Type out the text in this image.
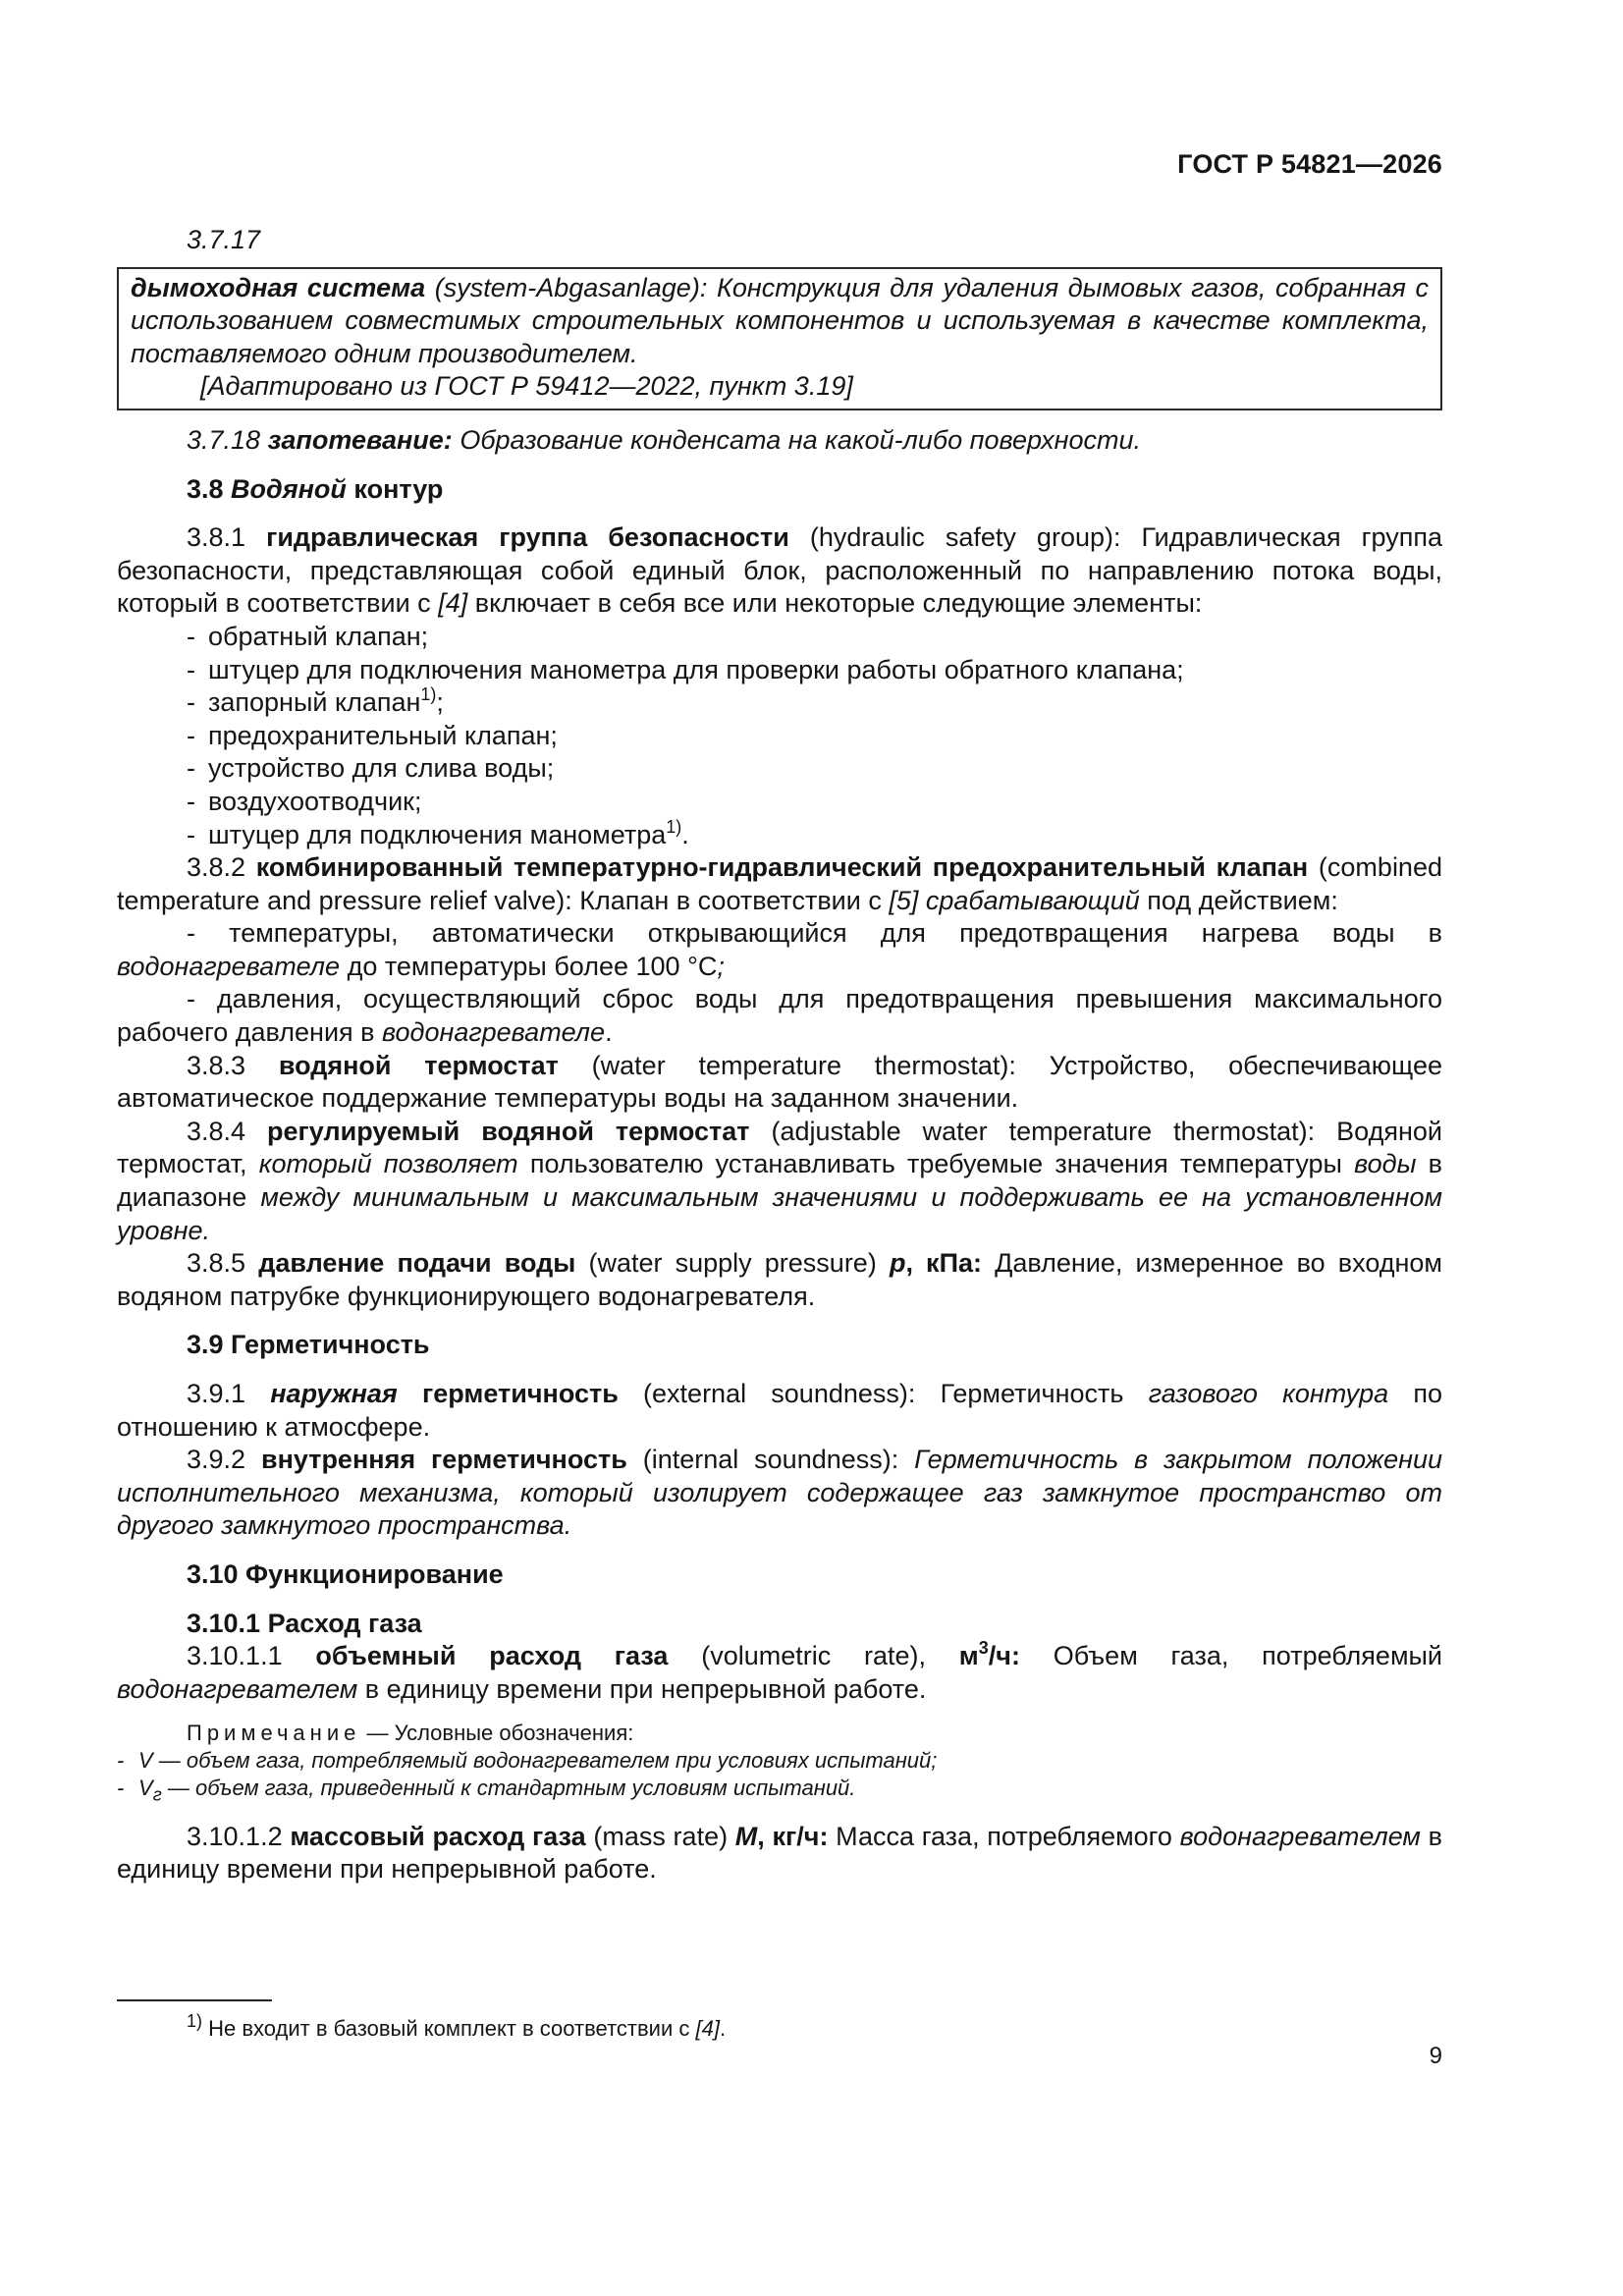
ГОСТ Р 54821—2026

3.7.17

дымоходная система (system-Abgasanlage): Конструкция для удаления дымовых газов, собранная с использованием совместимых строительных компонентов и используемая в качестве комплекта, поставляемого одним производителем.

[Адаптировано из ГОСТ Р 59412—2022, пункт 3.19]

3.7.18 запотевание: Образование конденсата на какой-либо поверхности.

3.8 Водяной контур

3.8.1 гидравлическая группа безопасности (hydraulic safety group): Гидравлическая группа безопасности, представляющая собой единый блок, расположенный по направлению потока воды, который в соответствии с [4] включает в себя все или некоторые следующие элементы:

- обратный клапан;
- штуцер для подключения манометра для проверки работы обратного клапана;
- запорный клапан$^{1)}$;
- предохранительный клапан;
- устройство для слива воды;
- воздухоотводчик;
- штуцер для подключения манометра$^{1)}$.

3.8.2 комбинированный температурно-гидравлический предохранительный клапан (combined temperature and pressure relief valve): Клапан в соответствии с [5] срабатывающий под действием:

- температуры, автоматически открывающийся для предотвращения нагрева воды в водонагревателе до температуры более 100 °C;

- давления, осуществляющий сброс воды для предотвращения превышения максимального рабочего давления в водонагревателе.

3.8.3 водяной термостат (water temperature thermostat): Устройство, обеспечивающее автоматическое поддержание температуры воды на заданном значении.

3.8.4 регулируемый водяной термостат (adjustable water temperature thermostat): Водяной термостат, который позволяет пользователю устанавливать требуемые значения температуры воды в диапазоне между минимальным и максимальным значениями и поддерживать ее на установленном уровне.

3.8.5 давление подачи воды (water supply pressure) p, кПа: Давление, измеренное во входном водяном патрубке функционирующего водонагревателя.

3.9 Герметичность

3.9.1 наружная герметичность (external soundness): Герметичность газового контура по отношению к атмосфере.

3.9.2 внутренняя герметичность (internal soundness): Герметичность в закрытом положении исполнительного механизма, который изолирует содержащее газ замкнутое пространство от другого замкнутого пространства.

3.10 Функционирование

3.10.1 Расход газа

3.10.1.1 объемный расход газа (volumetric rate), $м^3/ч$: Объем газа, потребляемый водонагревателем в единицу времени при непрерывной работе.

Примечание — Условные обозначения:

- V — объем газа, потребляемый водонагревателем при условиях испытаний;
- $V_г$ — объем газа, приведенный к стандартным условиям испытаний.

3.10.1.2 массовый расход газа (mass rate) M, кг/ч: Масса газа, потребляемого водонагревателем в единицу времени при непрерывной работе.

$^{1)}$ Не входит в базовый комплект в соответствии с [4].

9
